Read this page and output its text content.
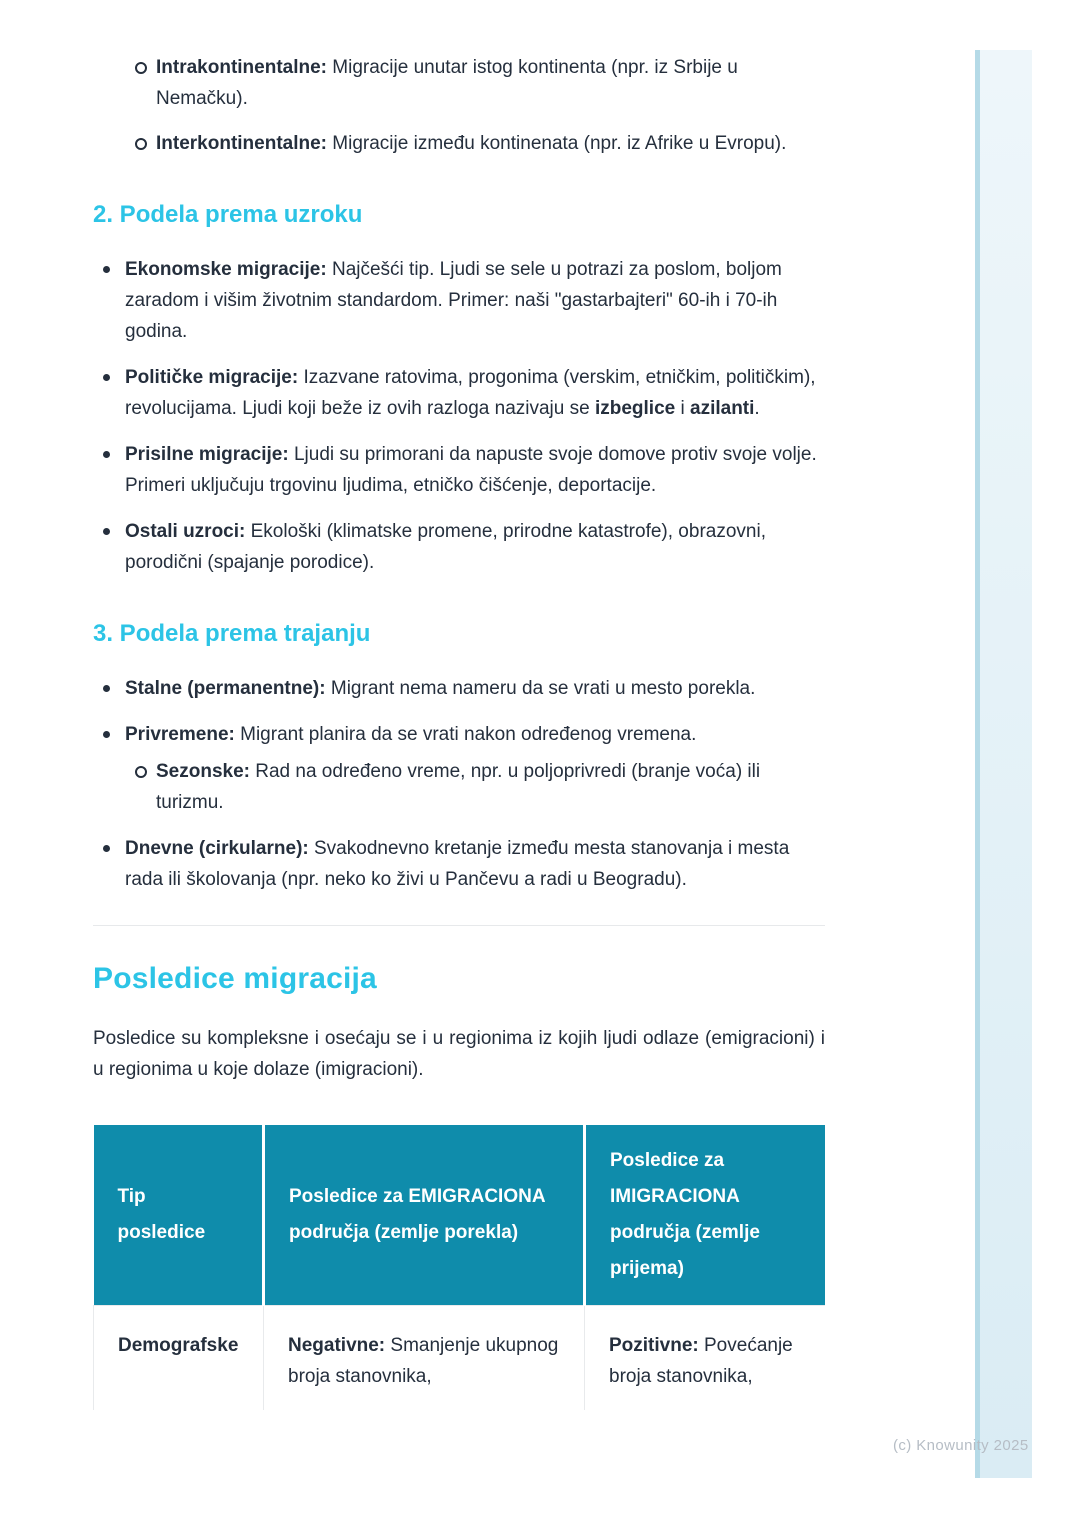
(c) Knowunity 2025
Intrakontinentalne: Migracije unutar istog kontinenta (npr. iz Srbije u Nemačku).
Interkontinentalne: Migracije između kontinenata (npr. iz Afrike u Evropu).
2. Podela prema uzroku
Ekonomske migracije: Najčešći tip. Ljudi se sele u potrazi za poslom, boljom zaradom i višim životnim standardom. Primer: naši "gastarbajteri" 60-ih i 70-ih godina.
Političke migracije: Izazvane ratovima, progonima (verskim, etničkim, političkim), revolucijama. Ljudi koji beže iz ovih razloga nazivaju se izbeglice i azilanti.
Prisilne migracije: Ljudi su primorani da napuste svoje domove protiv svoje volje. Primeri uključuju trgovinu ljudima, etničko čišćenje, deportacije.
Ostali uzroci: Ekološki (klimatske promene, prirodne katastrofe), obrazovni, porodični (spajanje porodice).
3. Podela prema trajanju
Stalne (permanentne): Migrant nema nameru da se vrati u mesto porekla.
Privremene: Migrant planira da se vrati nakon određenog vremena.
Sezonske: Rad na određeno vreme, npr. u poljoprivredi (branje voća) ili turizmu.
Dnevne (cirkularne): Svakodnevno kretanje između mesta stanovanja i mesta rada ili školovanja (npr. neko ko živi u Pančevu a radi u Beogradu).
Posledice migracija

Posledice su kompleksne i osećaju se i u regionima iz kojih ljudi odlaze (emigracioni) i u regionima u koje dolaze (imigracioni).

Tip posledice	Posledice za EMIGRACIONA područja (zemlje porekla)	Posledice za IMIGRACIONA područja (zemlje prijema)
Demografske	Negativne: Smanjenje ukupnog broja stanovnika,	Pozitivne: Povećanje broja stanovnika,
